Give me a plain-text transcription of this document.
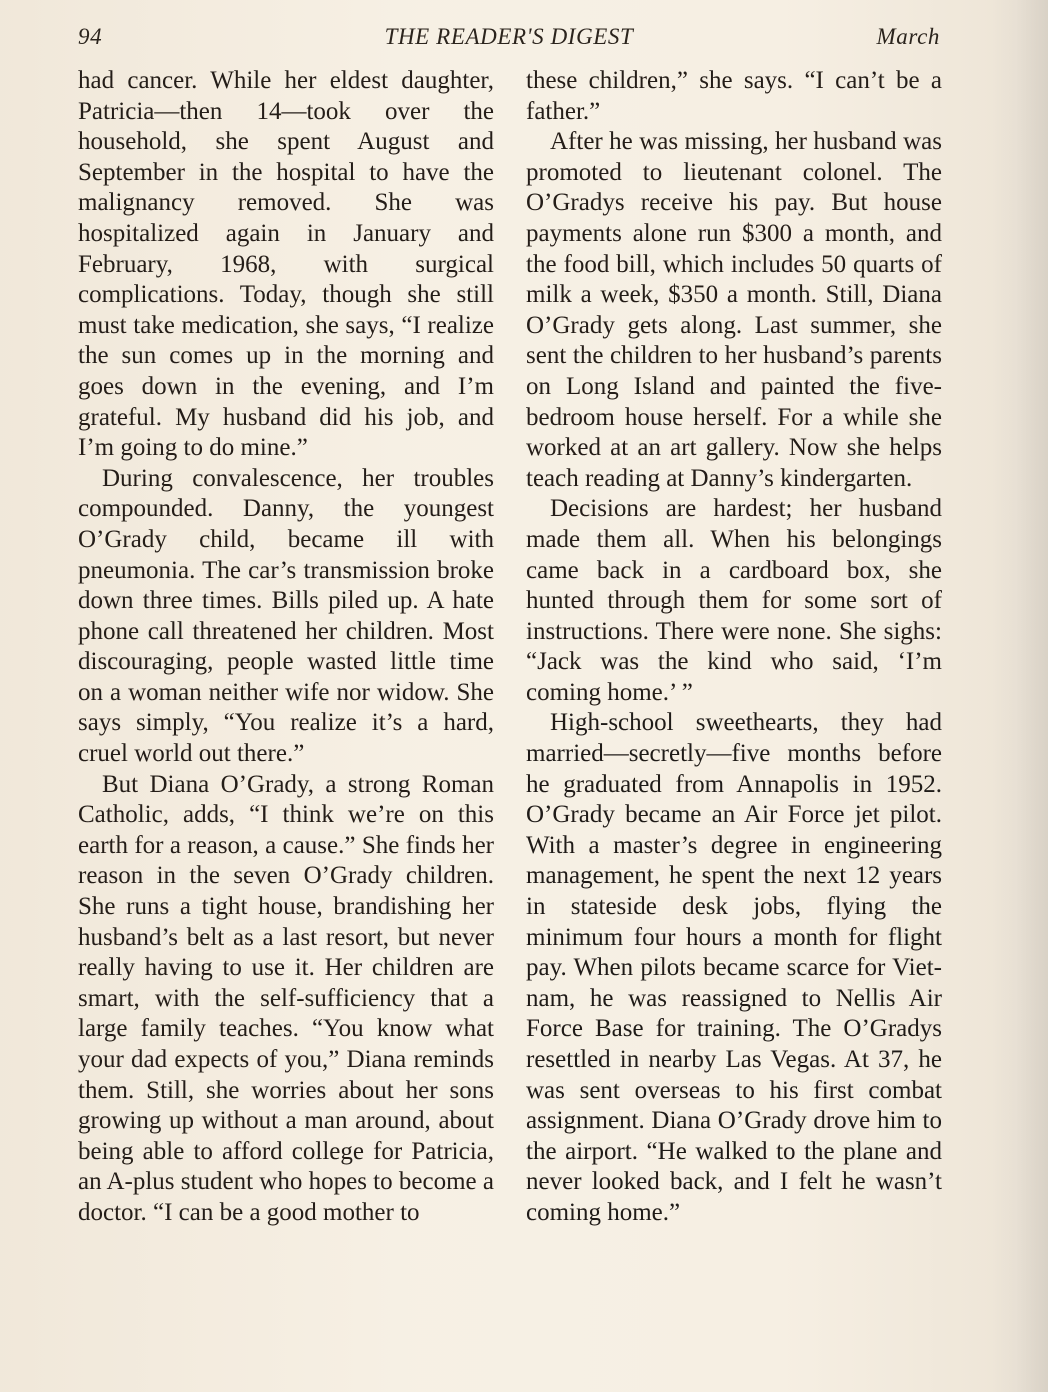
94	THE READER'S DIGEST	March

had cancer. While her eldest daughter, Patricia—then 14—took over the household, she spent August and September in the hospital to have the malignancy removed. She was hospitalized again in January and February, 1968, with surgical complications. Today, though she still must take medication, she says, “I realize the sun comes up in the morning and goes down in the evening, and I’m grateful. My husband did his job, and I’m going to do mine.”

During convalescence, her troubles compounded. Danny, the youngest O’Grady child, became ill with pneumonia. The car’s transmission broke down three times. Bills piled up. A hate phone call threatened her children. Most discouraging, people wasted little time on a woman neither wife nor widow. She says simply, “You realize it’s a hard, cruel world out there.”

But Diana O’Grady, a strong Roman Catholic, adds, “I think we’re on this earth for a reason, a cause.” She finds her reason in the seven O’Grady children. She runs a tight house, brandishing her husband’s belt as a last resort, but never really having to use it. Her children are smart, with the self-sufficiency that a large family teaches. “You know what your dad expects of you,” Diana reminds them. Still, she worries about her sons growing up without a man around, about being able to afford college for Patricia, an A-plus student who hopes to become a doctor. “I can be a good mother to

these children,” she says. “I can’t be a father.”

After he was missing, her husband was promoted to lieutenant colonel. The O’Gradys receive his pay. But house payments alone run $300 a month, and the food bill, which includes 50 quarts of milk a week, $350 a month. Still, Diana O’Grady gets along. Last summer, she sent the children to her husband’s parents on Long Island and painted the five-bedroom house herself. For a while she worked at an art gallery. Now she helps teach reading at Danny’s kindergarten.

Decisions are hardest; her husband made them all. When his belongings came back in a cardboard box, she hunted through them for some sort of instructions. There were none. She sighs: “Jack was the kind who said, ‘I’m coming home.’ ”

High-school sweethearts, they had married—secretly—five months before he graduated from Annapolis in 1952. O’Grady became an Air Force jet pilot. With a master’s degree in engineering management, he spent the next 12 years in stateside desk jobs, flying the minimum four hours a month for flight pay. When pilots became scarce for Vietnam, he was reassigned to Nellis Air Force Base for training. The O’Gradys resettled in nearby Las Vegas. At 37, he was sent overseas to his first combat assignment. Diana O’Grady drove him to the airport. “He walked to the plane and never looked back, and I felt he wasn’t coming home.”
